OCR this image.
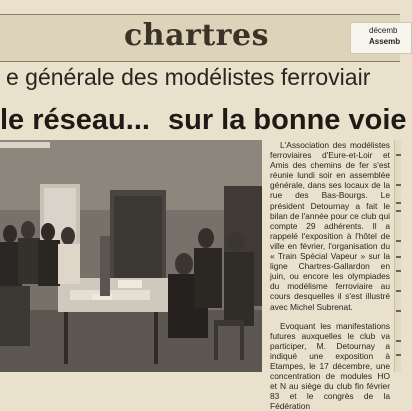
chartres	décemb
Assemb
e générale des modélistes ferroviair
le réseau... sur la bonne voie

L'Association des modélistes ferroviaires d'Eure-et-Loir et Amis des chemins de fer s'est réunie lundi soir en assemblée générale, dans ses locaux de la rue des Bas-Bourgs. Le président Detournay a fait le bilan de l'année pour ce club qui compte 29 adhérents. Il a rappelé l'exposition à l'hôtel de ville en février, l'organisation du « Train Spécial Vapeur » sur la ligne Chartres-Gallardon en juin, ou encore les olympiades du modélisme ferroviaire au cours desquelles il s'est illustré avec Michel Subrenat.

Evoquant les manifestations futures auxquelles le club va participer, M. Detournay a indiqué une exposition à Etampes, le 17 décembre, une concentration de modules HO et N au siège du club fin février 83 et le congrès de la Fédération
